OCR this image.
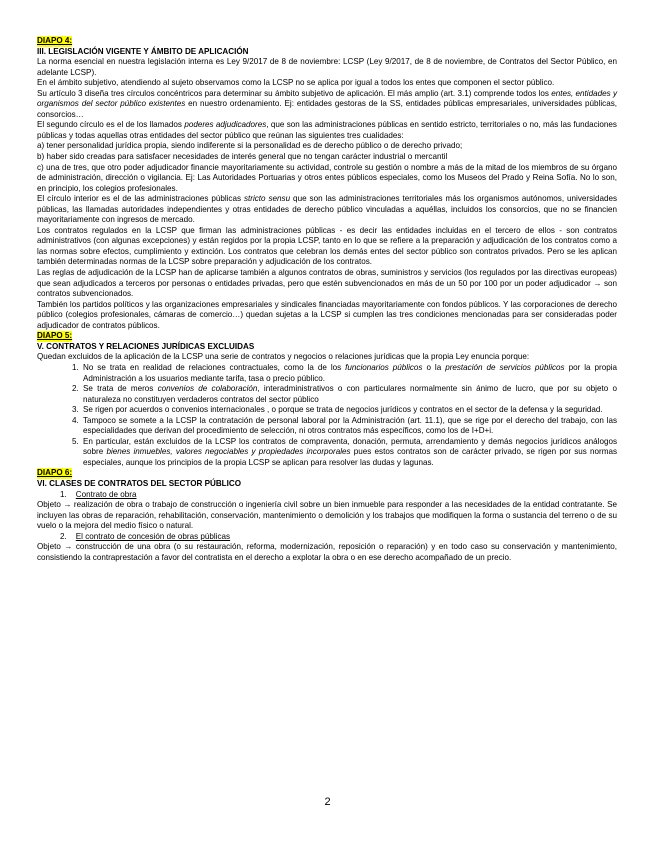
DIAPO 4:

III. LEGISLACIÓN VIGENTE Y ÁMBITO DE APLICACIÓN

La norma esencial en nuestra legislación interna es Ley 9/2017 de 8 de noviembre: LCSP (Ley 9/2017, de 8 de noviembre, de Contratos del Sector Público, en adelante LCSP).

En el ámbito subjetivo, atendiendo al sujeto observamos como la LCSP no se aplica por igual a todos los entes que componen el sector público.

Su artículo 3 diseña tres círculos concéntricos para determinar su ámbito subjetivo de aplicación. El más amplio (art. 3.1) comprende todos los entes, entidades y organismos del sector público existentes en nuestro ordenamiento. Ej: entidades gestoras de la SS, entidades públicas empresariales, universidades públicas, consorcios…

El segundo círculo es el de los llamados poderes adjudicadores, que son las administraciones públicas en sentido estricto, territoriales o no, más las fundaciones públicas y todas aquellas otras entidades del sector público que reúnan las siguientes tres cualidades:

a) tener personalidad jurídica propia, siendo indiferente si la personalidad es de derecho público o de derecho privado;

b) haber sido creadas para satisfacer necesidades de interés general que no tengan carácter industrial o mercantil

c) una de tres, que otro poder adjudicador financie mayoritariamente su actividad, controle su gestión o nombre a más de la mitad de los miembros de su órgano de administración, dirección o vigilancia. Ej: Las Autoridades Portuarias y otros entes públicos especiales, como los Museos del Prado y Reina Sofía. No lo son, en principio, los colegios profesionales.

El círculo interior es el de las administraciones públicas stricto sensu que son las administraciones territoriales más los organismos autónomos, universidades públicas, las llamadas autoridades independientes y otras entidades de derecho público vinculadas a aquéllas, incluidos los consorcios, que no se financien mayoritariamente con ingresos de mercado.

Los contratos regulados en la LCSP que firman las administraciones públicas - es decir las entidades incluidas en el tercero de ellos - son contratos administrativos (con algunas excepciones) y están regidos por la propia LCSP, tanto en lo que se refiere a la preparación y adjudicación de los contratos como a las normas sobre efectos, cumplimiento y extinción. Los contratos que celebran los demás entes del sector público son contratos privados. Pero se les aplican también determinadas normas de la LCSP sobre preparación y adjudicación de los contratos.

Las reglas de adjudicación de la LCSP han de aplicarse también a algunos contratos de obras, suministros y servicios (los regulados por las directivas europeas) que sean adjudicados a terceros por personas o entidades privadas, pero que estén subvencionados en más de un 50 por 100 por un poder adjudicador → son contratos subvencionados.

También los partidos políticos y las organizaciones empresariales y sindicales financiadas mayoritariamente con fondos públicos. Y las corporaciones de derecho público (colegios profesionales, cámaras de comercio…) quedan sujetas a la LCSP si cumplen las tres condiciones mencionadas para ser consideradas poder adjudicador de contratos públicos.

DIAPO 5:

V. CONTRATOS Y RELACIONES JURÍDICAS EXCLUIDAS

Quedan excluidos de la aplicación de la LCSP una serie de contratos y negocios o relaciones jurídicas que la propia Ley enuncia porque:

1. No se trata en realidad de relaciones contractuales, como la de los funcionarios públicos o la prestación de servicios públicos por la propia Administración a los usuarios mediante tarifa, tasa o precio público.
2. Se trata de meros convenios de colaboración, interadministrativos o con particulares normalmente sin ánimo de lucro, que por su objeto o naturaleza no constituyen verdaderos contratos del sector público
3. Se rigen por acuerdos o convenios internacionales , o porque se trata de negocios jurídicos y contratos en el sector de la defensa y la seguridad.
4. Tampoco se somete a la LCSP la contratación de personal laboral por la Administración (art. 11.1), que se rige por el derecho del trabajo, con las especialidades que derivan del procedimiento de selección, ni otros contratos más específicos, como los de I+D+i.
5. En particular, están excluidos de la LCSP los contratos de compraventa, donación, permuta, arrendamiento y demás negocios jurídicos análogos sobre bienes inmuebles, valores negociables y propiedades incorporales pues estos contratos son de carácter privado, se rigen por sus normas especiales, aunque los principios de la propia LCSP se aplican para resolver las dudas y lagunas.

DIAPO 6:

VI. CLASES DE CONTRATOS DEL SECTOR PÚBLICO

1. Contrato de obra

Objeto → realización de obra o trabajo de construcción o ingeniería civil sobre un bien inmueble para responder a las necesidades de la entidad contratante. Se incluyen las obras de reparación, rehabilitación, conservación, mantenimiento o demolición y los trabajos que modifiquen la forma o sustancia del terreno o de su vuelo o la mejora del medio físico o natural.

2. El contrato de concesión de obras públicas

Objeto → construcción de una obra (o su restauración, reforma, modernización, reposición o reparación) y en todo caso su conservación y mantenimiento, consistiendo la contraprestación a favor del contratista en el derecho a explotar la obra o en ese derecho acompañado de un precio.

2
